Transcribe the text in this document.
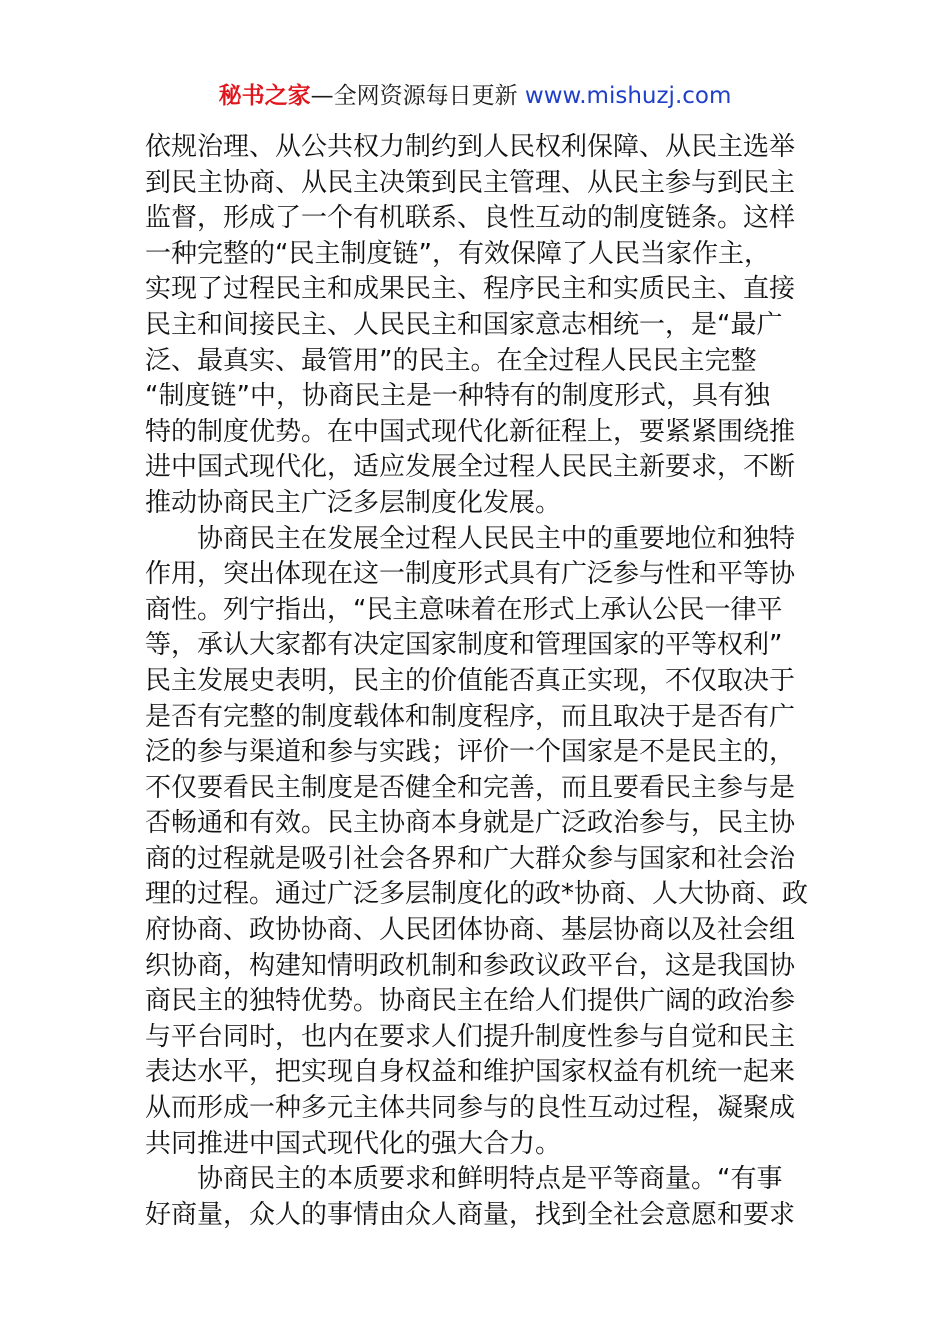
秘书之家—全网资源每日更新 www.mishuzj.com
依规治理、从公共权力制约到人民权利保障、从民主选举
到民主协商、从民主决策到民主管理、从民主参与到民主
监督，形成了一个有机联系、良性互动的制度链条。这样
一种完整的“民主制度链”，有效保障了人民当家作主，
实现了过程民主和成果民主、程序民主和实质民主、直接
民主和间接民主、人民民主和国家意志相统一，是“最广
泛、最真实、最管用”的民主。在全过程人民民主完整
“制度链”中，协商民主是一种特有的制度形式，具有独
特的制度优势。在中国式现代化新征程上，要紧紧围绕推
进中国式现代化，适应发展全过程人民民主新要求，不断
推动协商民主广泛多层制度化发展。
协商民主在发展全过程人民民主中的重要地位和独特
作用，突出体现在这一制度形式具有广泛参与性和平等协
商性。列宁指出，“民主意味着在形式上承认公民一律平
等，承认大家都有决定国家制度和管理国家的平等权利”
民主发展史表明，民主的价值能否真正实现，不仅取决于
是否有完整的制度载体和制度程序，而且取决于是否有广
泛的参与渠道和参与实践；评价一个国家是不是民主的，
不仅要看民主制度是否健全和完善，而且要看民主参与是
否畅通和有效。民主协商本身就是广泛政治参与，民主协
商的过程就是吸引社会各界和广大群众参与国家和社会治
理的过程。通过广泛多层制度化的政*协商、人大协商、政
府协商、政协协商、人民团体协商、基层协商以及社会组
织协商，构建知情明政机制和参政议政平台，这是我国协
商民主的独特优势。协商民主在给人们提供广阔的政治参
与平台同时，也内在要求人们提升制度性参与自觉和民主
表达水平，把实现自身权益和维护国家权益有机统一起来
从而形成一种多元主体共同参与的良性互动过程，凝聚成
共同推进中国式现代化的强大合力。
协商民主的本质要求和鲜明特点是平等商量。“有事
好商量，众人的事情由众人商量，找到全社会意愿和要求
